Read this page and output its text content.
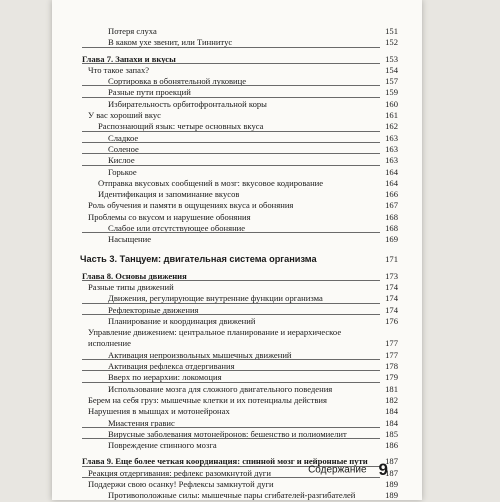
Потеря слуха	151
В каком ухе звенит, или Тиннитус	152
Глава 7. Запахи и вкусы	153
Что такое запах?	154
Сортировка в обонятельной луковице	157
Разные пути проекций	159
Избирательность орбитофронтальной коры	160
У вас хороший вкус	161
Распознающий язык: четыре основных вкуса	162
Сладкое	163
Соленое	163
Кислое	163
Горькое	164
Отправка вкусовых сообщений в мозг: вкусовое кодирование	164
Идентификация и запоминание вкусов	166
Роль обучения и памяти в ощущениях вкуса и обоняния	167
Проблемы со вкусом и нарушение обоняния	168
Слабое или отсутствующее обоняние	168
Насыщение	169
Часть 3. Танцуем: двигательная система организма	171
Глава 8. Основы движения	173
Разные типы движений	174
Движения, регулирующие внутренние функции организма	174
Рефлекторные движения	174
Планирование и координация движений	176
Управление движением: центральное планирование и иерархическое
исполнение	177
Активация непроизвольных мышечных движений	177
Активация рефлекса отдергивания	178
Вверх по иерархии: локомоция	179
Использование мозга для сложного двигательного поведения	181
Берем на себя груз: мышечные клетки и их потенциалы действия	182
Нарушения в мышцах и мотонейронах	184
Миастения гравис	184
Вирусные заболевания мотонейронов: бешенство и полиомиелит	185
Повреждение спинного мозга	186
Глава 9. Еще более четкая координация: спинной мозг и нейронные пути 187
Реакция отдергивания: рефлекс разомкнутой дуги	187
Поддержи свою осанку! Рефлексы замкнутой дуги	189
Противоположные силы: мышечные пары сгибателей-разгибателей	189
Содержание 9
